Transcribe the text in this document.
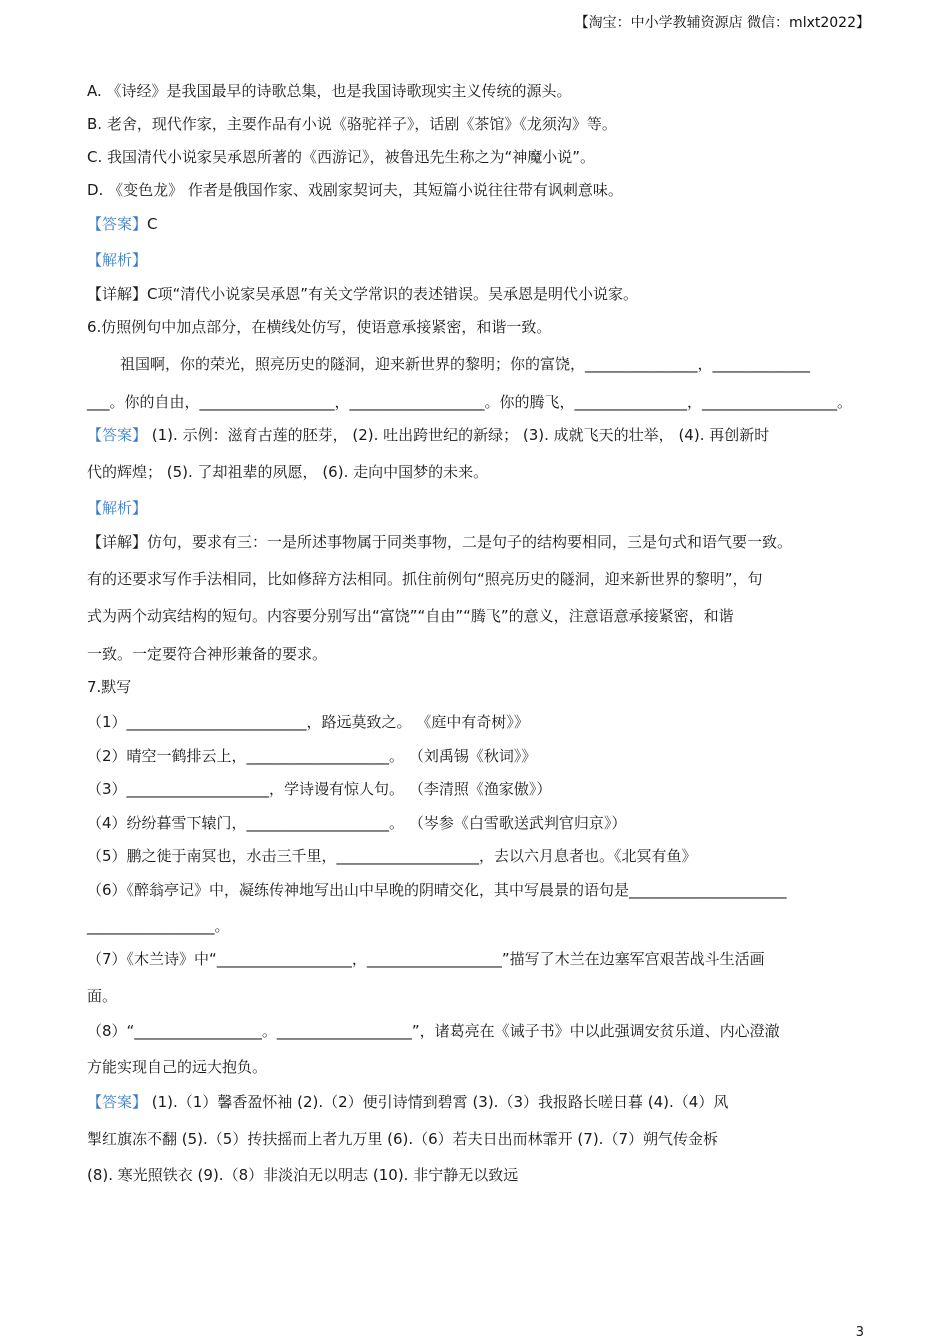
【淘宝：中小学教辅资源店 微信：mlxt2022】
A. 《诗经》是我国最早的诗歌总集，也是我国诗歌现实主义传统的源头。
B. 老舍，现代作家，主要作品有小说《骆驼祥子》，话剧《茶馆》《龙须沟》等。
C. 我国清代小说家吴承恩所著的《西游记》，被鲁迅先生称之为“神魔小说”。
D. 《变色龙》 作者是俄国作家、戏剧家契诃夫，其短篇小说往往带有讽刺意味。
【答案】C
【解析】
【详解】C项“清代小说家吴承恩”有关文学常识的表述错误。吴承恩是明代小说家。
6.仿照例句中加点部分，在横线处仿写，使语意承接紧密，和谐一致。
祖国啊，你的荣光，照亮历史的隧洞，迎来新世界的黎明；你的富饶，_______________，_____________
___。你的自由，__________________，__________________。你的腾飞，_______________，__________________。
【答案】 (1). 示例：滋育古莲的胚芽， (2). 吐出跨世纪的新绿； (3). 成就飞天的壮举， (4). 再创新时
代的辉煌； (5). 了却祖辈的夙愿， (6). 走向中国梦的未来。
【解析】
【详解】仿句，要求有三：一是所述事物属于同类事物，二是句子的结构要相同，三是句式和语气要一致。
有的还要求写作手法相同，比如修辞方法相同。抓住前例句“照亮历史的隧洞，迎来新世界的黎明”，句
式为两个动宾结构的短句。内容要分别写出“富饶”“自由”“腾飞”的意义，注意语意承接紧密，和谐
一致。一定要符合神形兼备的要求。
7.默写
（1）________________________，路远莫致之。 《庭中有奇树》》
（2）晴空一鹤排云上，___________________。 （刘禹锡《秋词》》
（3）___________________，学诗谩有惊人句。 （李清照《渔家傲》）
（4）纷纷暮雪下辕门，___________________。 （岑参《白雪歌送武判官归京》）
（5）鹏之徙于南冥也，水击三千里，___________________，去以六月息者也。《北冥有鱼》
（6）《醉翁亭记》中，凝练传神地写出山中早晚的阴晴交化，其中写晨景的语句是_____________________
_________________。
（7）《木兰诗》中“__________________，__________________”描写了木兰在边塞军宫艰苦战斗生活画
面。
（8）“_________________。__________________”，诸葛亮在《诫子书》中以此强调安贫乐道、内心澄澈
方能实现自己的远大抱负。
【答案】 (1).（1）馨香盈怀袖 (2).（2）便引诗情到碧霄 (3).（3）我报路长嗟日暮 (4).（4）风
掣红旗冻不翻 (5).（5）抟扶摇而上者九万里 (6).（6）若夫日出而林霏开 (7).（7）朔气传金柝
(8). 寒光照铁衣 (9).（8）非淡泊无以明志 (10). 非宁静无以致远
3
